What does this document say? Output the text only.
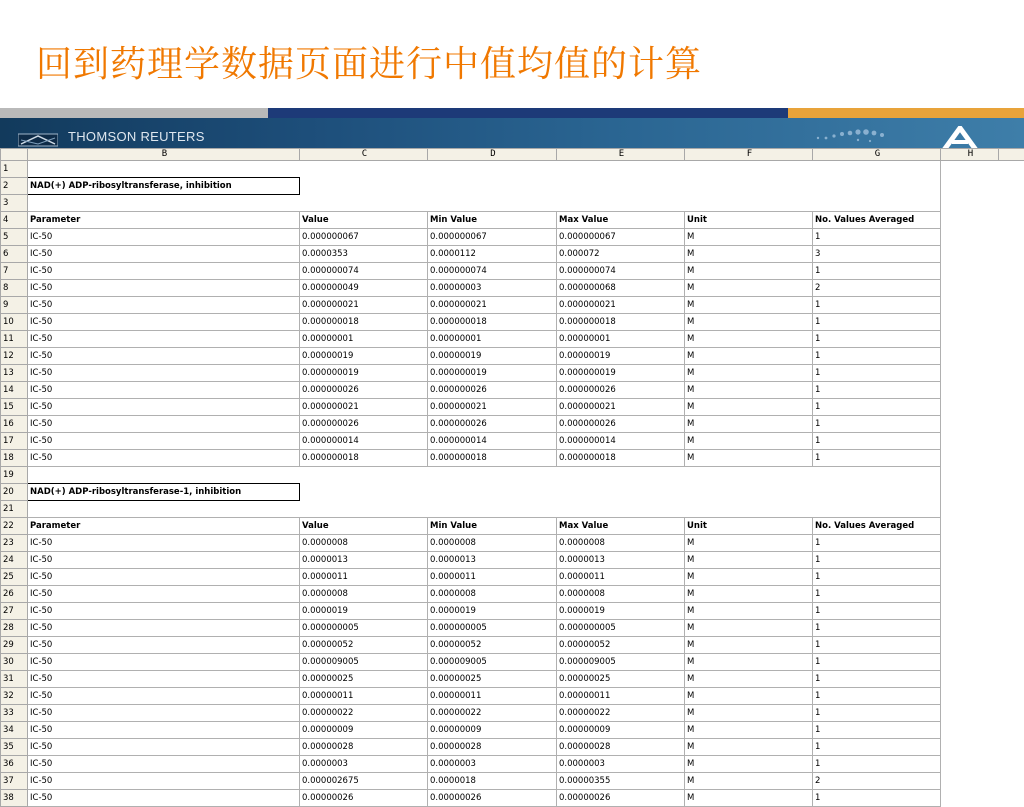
回到药理学数据页面进行中值均值的计算
THOMSON REUTERS
	B	C	D	E	F	G	H	
1								
2	NAD(+) ADP-ribosyltransferase, inhibition							
3								
4	Parameter	Value	Min Value	Max Value	Unit	No. Values Averaged		
5	IC-50	0.000000067	0.000000067	0.000000067	M	1		
6	IC-50	0.0000353	0.0000112	0.000072	M	3		
7	IC-50	0.000000074	0.000000074	0.000000074	M	1		
8	IC-50	0.000000049	0.00000003	0.000000068	M	2		
9	IC-50	0.000000021	0.000000021	0.000000021	M	1		
10	IC-50	0.000000018	0.000000018	0.000000018	M	1		
11	IC-50	0.00000001	0.00000001	0.00000001	M	1		
12	IC-50	0.00000019	0.00000019	0.00000019	M	1		
13	IC-50	0.000000019	0.000000019	0.000000019	M	1		
14	IC-50	0.000000026	0.000000026	0.000000026	M	1		
15	IC-50	0.000000021	0.000000021	0.000000021	M	1		
16	IC-50	0.000000026	0.000000026	0.000000026	M	1		
17	IC-50	0.000000014	0.000000014	0.000000014	M	1		
18	IC-50	0.000000018	0.000000018	0.000000018	M	1		
19								
20	NAD(+) ADP-ribosyltransferase-1, inhibition							
21								
22	Parameter	Value	Min Value	Max Value	Unit	No. Values Averaged		
23	IC-50	0.0000008	0.0000008	0.0000008	M	1		
24	IC-50	0.0000013	0.0000013	0.0000013	M	1		
25	IC-50	0.0000011	0.0000011	0.0000011	M	1		
26	IC-50	0.0000008	0.0000008	0.0000008	M	1		
27	IC-50	0.0000019	0.0000019	0.0000019	M	1		
28	IC-50	0.000000005	0.000000005	0.000000005	M	1		
29	IC-50	0.00000052	0.00000052	0.00000052	M	1		
30	IC-50	0.000009005	0.000009005	0.000009005	M	1		
31	IC-50	0.00000025	0.00000025	0.00000025	M	1		
32	IC-50	0.00000011	0.00000011	0.00000011	M	1		
33	IC-50	0.00000022	0.00000022	0.00000022	M	1		
34	IC-50	0.00000009	0.00000009	0.00000009	M	1		
35	IC-50	0.00000028	0.00000028	0.00000028	M	1		
36	IC-50	0.0000003	0.0000003	0.0000003	M	1		
37	IC-50	0.000002675	0.0000018	0.00000355	M	2		
38	IC-50	0.00000026	0.00000026	0.00000026	M	1		
